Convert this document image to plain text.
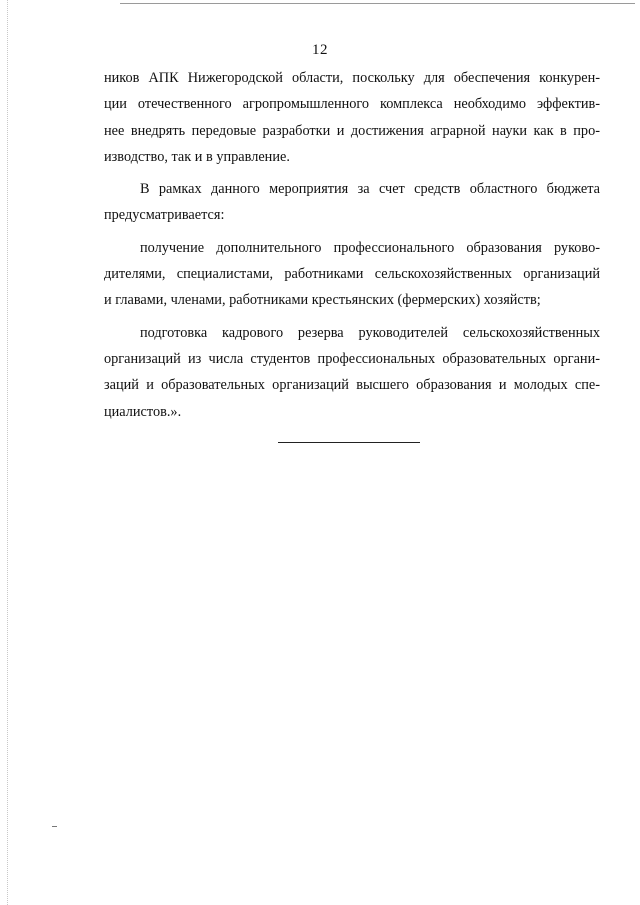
12
ников АПК Нижегородской области, поскольку для обеспечения конкурен-
ции отечественного агропромышленного комплекса необходимо эффектив-
нее внедрять передовые разработки и достижения аграрной науки как в про-
изводство, так и в управление.
В рамках данного мероприятия за счет средств областного бюджета
предусматривается:
получение дополнительного профессионального образования руково-
дителями, специалистами, работниками сельскохозяйственных организаций
и главами, членами, работниками крестьянских (фермерских) хозяйств;
подготовка кадрового резерва руководителей сельскохозяйственных
организаций из числа студентов профессиональных образовательных органи-
заций и образовательных организаций высшего образования и молодых спе-
циалистов.».
